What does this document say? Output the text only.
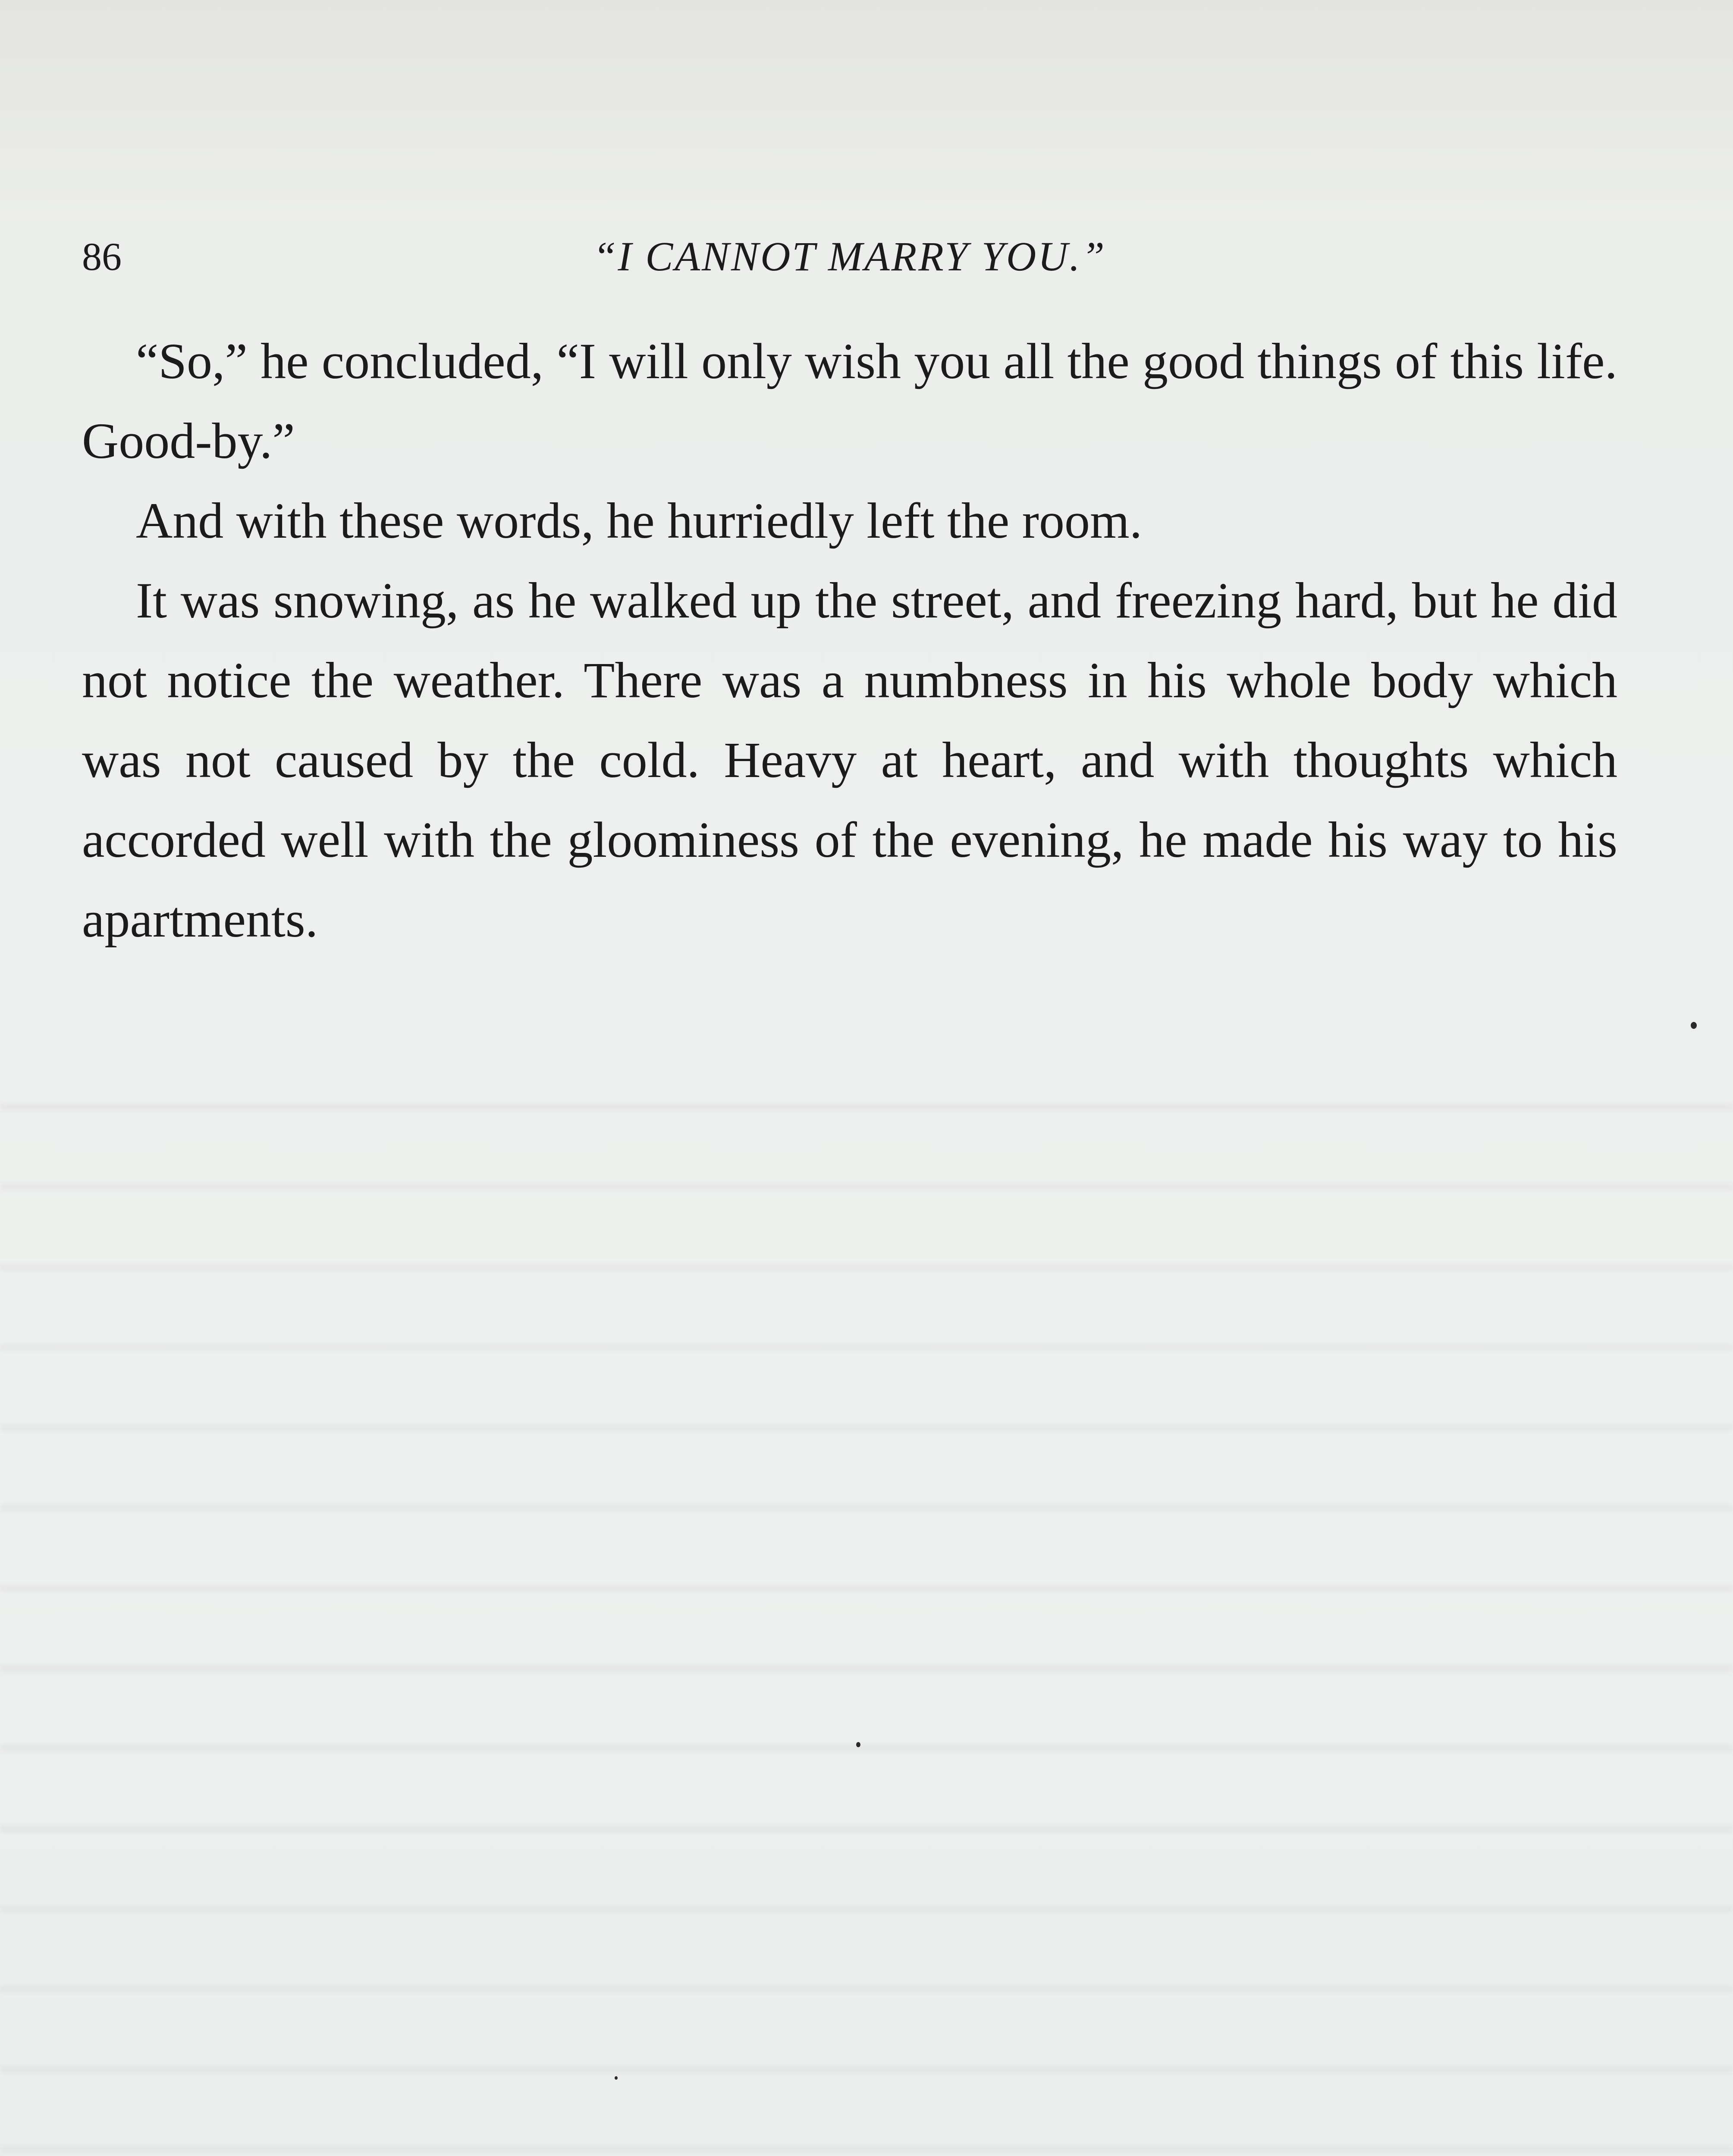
86	“I CANNOT MARRY YOU.”

“So,” he concluded, “I will only wish you all the good things of this life. Good-by.”

And with these words, he hurriedly left the room.

It was snowing, as he walked up the street, and freezing hard, but he did not notice the weather. There was a numbness in his whole body which was not caused by the cold. Heavy at heart, and with thoughts which accorded well with the gloominess of the evening, he made his way to his apartments.
